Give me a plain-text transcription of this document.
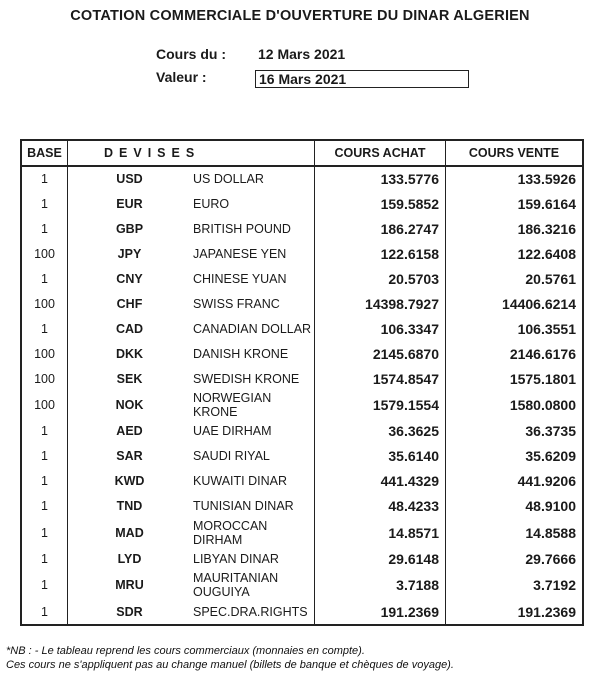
COTATION COMMERCIALE D'OUVERTURE DU DINAR ALGERIEN
Cours du : 12 Mars 2021
Valeur :	16 Mars 2021
BASE	DEVISES		COURS ACHAT	COURS VENTE
1	USD	US DOLLAR	133.5776	133.5926
1	EUR	EURO	159.5852	159.6164
1	GBP	BRITISH POUND	186.2747	186.3216
100	JPY	JAPANESE YEN	122.6158	122.6408
1	CNY	CHINESE YUAN	20.5703	20.5761
100	CHF	SWISS FRANC	14398.7927	14406.6214
1	CAD	CANADIAN DOLLAR	106.3347	106.3551
100	DKK	DANISH KRONE	2145.6870	2146.6176
100	SEK	SWEDISH KRONE	1574.8547	1575.1801
100	NOK	NORWEGIAN KRONE	1579.1554	1580.0800
1	AED	UAE DIRHAM	36.3625	36.3735
1	SAR	SAUDI RIYAL	35.6140	35.6209
1	KWD	KUWAITI DINAR	441.4329	441.9206
1	TND	TUNISIAN DINAR	48.4233	48.9100
1	MAD	MOROCCAN DIRHAM	14.8571	14.8588
1	LYD	LIBYAN DINAR	29.6148	29.7666
1	MRU	MAURITANIAN OUGUIYA	3.7188	3.7192
1	SDR	SPEC.DRA.RIGHTS	191.2369	191.2369
*NB : - Le tableau reprend les cours commerciaux (monnaies en compte).
Ces cours ne s'appliquent pas au change manuel (billets de banque et chèques de voyage).
